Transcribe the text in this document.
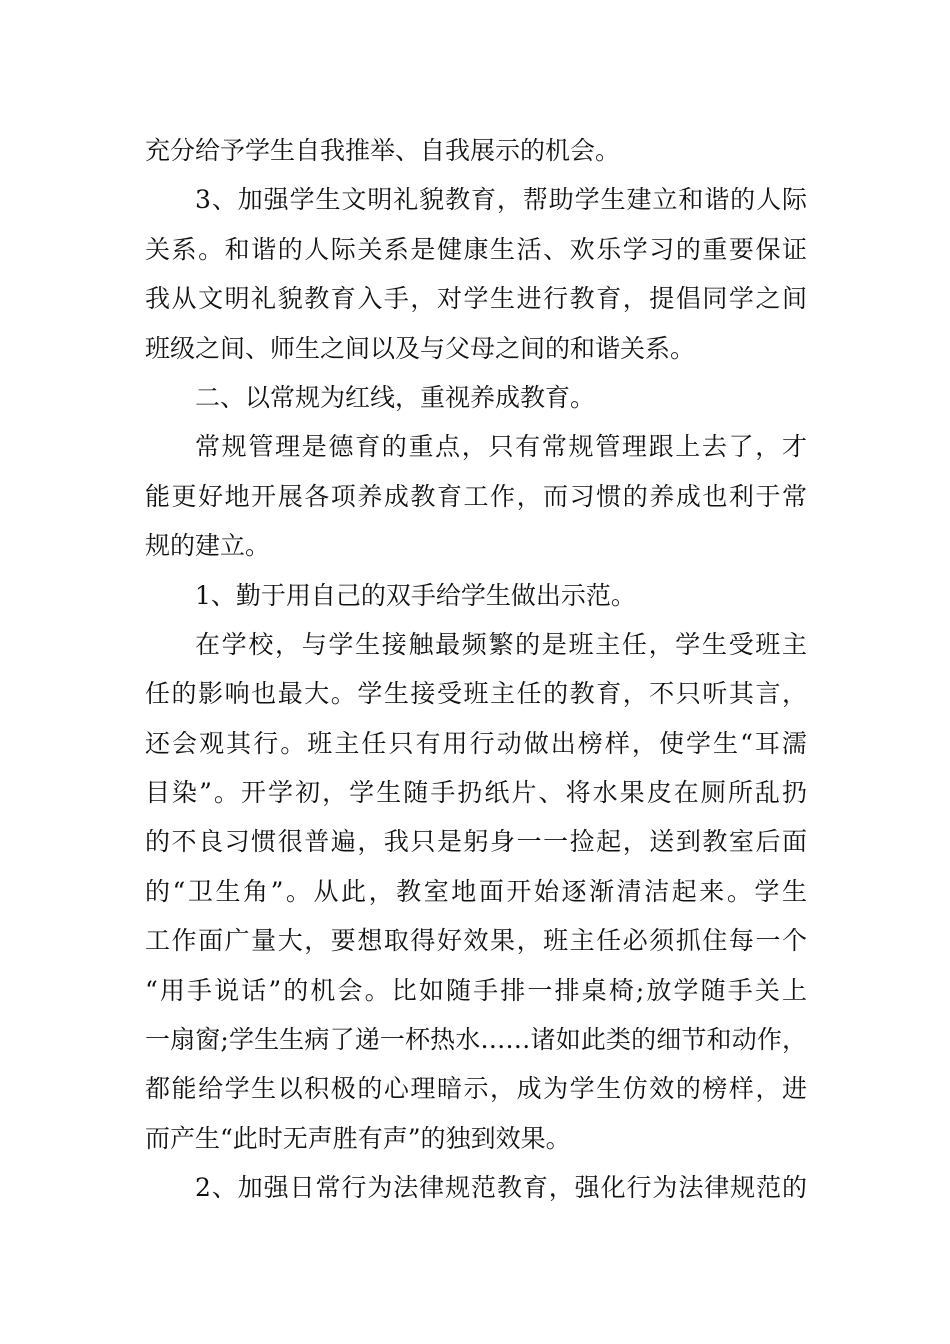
充分给予学生自我推举、自我展示的机会。
3、加强学生文明礼貌教育，帮助学生建立和谐的人际
关系。和谐的人际关系是健康生活、欢乐学习的重要保证
我从文明礼貌教育入手，对学生进行教育，提倡同学之间
班级之间、师生之间以及与父母之间的和谐关系。
二、以常规为红线，重视养成教育。
常规管理是德育的重点，只有常规管理跟上去了，才
能更好地开展各项养成教育工作，而习惯的养成也利于常
规的建立。
1、勤于用自己的双手给学生做出示范。
在学校，与学生接触最频繁的是班主任，学生受班主
任的影响也最大。学生接受班主任的教育，不只听其言，
还会观其行。班主任只有用行动做出榜样，使学生“耳濡
目染”。开学初，学生随手扔纸片、将水果皮在厕所乱扔
的不良习惯很普遍，我只是躬身一一捡起，送到教室后面
的“卫生角”。从此，教室地面开始逐渐清洁起来。学生
工作面广量大，要想取得好效果，班主任必须抓住每一个
“用手说话”的机会。比如随手排一排桌椅;放学随手关上
一扇窗;学生生病了递一杯热水……诸如此类的细节和动作，
都能给学生以积极的心理暗示，成为学生仿效的榜样，进
而产生“此时无声胜有声”的独到效果。
2、加强日常行为法律规范教育，强化行为法律规范的
